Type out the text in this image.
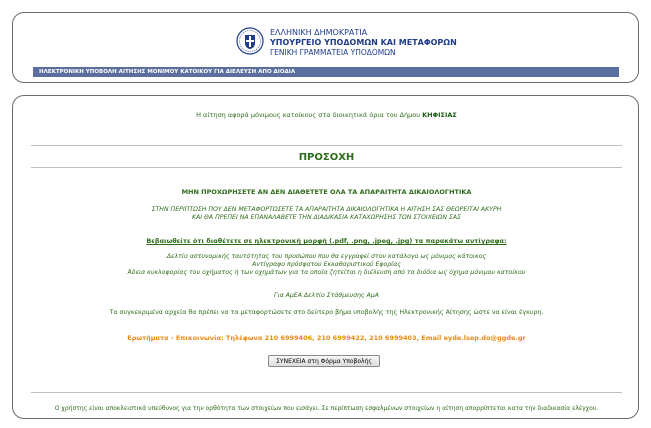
ΕΛΛΗΝΙΚΗ ΔΗΜΟΚΡΑΤΙΑ
ΥΠΟΥΡΓΕΙΟ ΥΠΟΔΟΜΩΝ ΚΑΙ ΜΕΤΑΦΟΡΩΝ
ΓΕΝΙΚΗ ΓΡΑΜΜΑΤΕΙΑ ΥΠΟΔΟΜΩΝ
ΗΛΕΚΤΡΟΝΙΚΗ ΥΠΟΒΟΛΗ ΑΙΤΗΣΗΣ ΜΟΝΙΜΟΥ ΚΑΤΟΙΚΟΥ ΓΙΑ ΔΙΕΛΕΥΣΗ ΑΠΟ ΔΙΟΔΙΑ
Η αίτηση αφορά μόνιμους κατοίκους στα διοικητικά όρια του Δήμου ΚΗΦΙΣΙΑΣ
ΠΡΟΣΟΧΗ
ΜΗΝ ΠΡΟΧΩΡΗΣΕΤΕ ΑΝ ΔΕΝ ΔΙΑΘΕΤΕΤΕ ΟΛΑ ΤΑ ΑΠΑΡΑΙΤΗΤΑ ΔΙΚΑΙΟΛΟΓΗΤΙΚΑ
ΣΤΗΝ ΠΕΡΙΠΤΩΣΗ ΠΟΥ ΔΕΝ ΜΕΤΑΦΟΡΤΩΣΕΤΕ ΤΑ ΑΠΑΡΑΙΤΗΤΑ ΔΙΚΑΙΟΛΟΓΗΤΙΚΑ Η ΑΙΤΗΣΗ ΣΑΣ ΘΕΩΡΕΙΤΑΙ ΑΚΥΡΗ
ΚΑΙ ΘΑ ΠΡΕΠΕΙ ΝΑ ΕΠΑΝΑΛΑΒΕΤΕ ΤΗΝ ΔΙΑΔΙΚΑΣΙΑ ΚΑΤΑΧΩΡΗΣΗΣ ΤΩΝ ΣΤΟΙΧΕΙΩΝ ΣΑΣ
Βεβαιωθείτε ότι διαθέτετε σε ηλεκτρονική μορφή (.pdf, .png, .jpeg, .jpg) τα παρακάτω αντίγραφα:
Δελτίο αστυνομικής ταυτότητας του προσώπου που θα εγγραφεί στον κατάλογο ως μόνιμος κάτοικος
Αντίγραφο πρόσφατου Εκκαθαριστικού Εφορίας
Άδεια κυκλοφορίας του οχήματος ή των οχημάτων για τα οποία ζητείται η διέλευση από τα διόδια ως όχημα μόνιμου κατοίκου
Για ΑμΕΑ Δελτίο Στάθμευσης ΑμΑ
Τα συγκεκριμένα αρχεία θα πρέπει να τα μεταφορτώσετε στο δεύτερο βήμα υποβολής της Ηλεκτρονικής Αίτησης ώστε να είναι έγκυρη.
Ερωτήματα - Επικοινωνία: Τηλέφωνα 210 6999406, 210 6999422, 210 6999403, Email eyde.lsep.do@ggde.gr
ΣΥΝΕΧΕΙΑ στη Φόρμα Υποβολής
Ο χρήστης είναι αποκλειστικά υπεύθυνος για την ορθότητα των στοιχείων που εισάγει. Σε περίπτωση εσφαλμένων στοιχείων η αίτηση απορρίπτεται κατα την διαδικασία ελέγχου.
